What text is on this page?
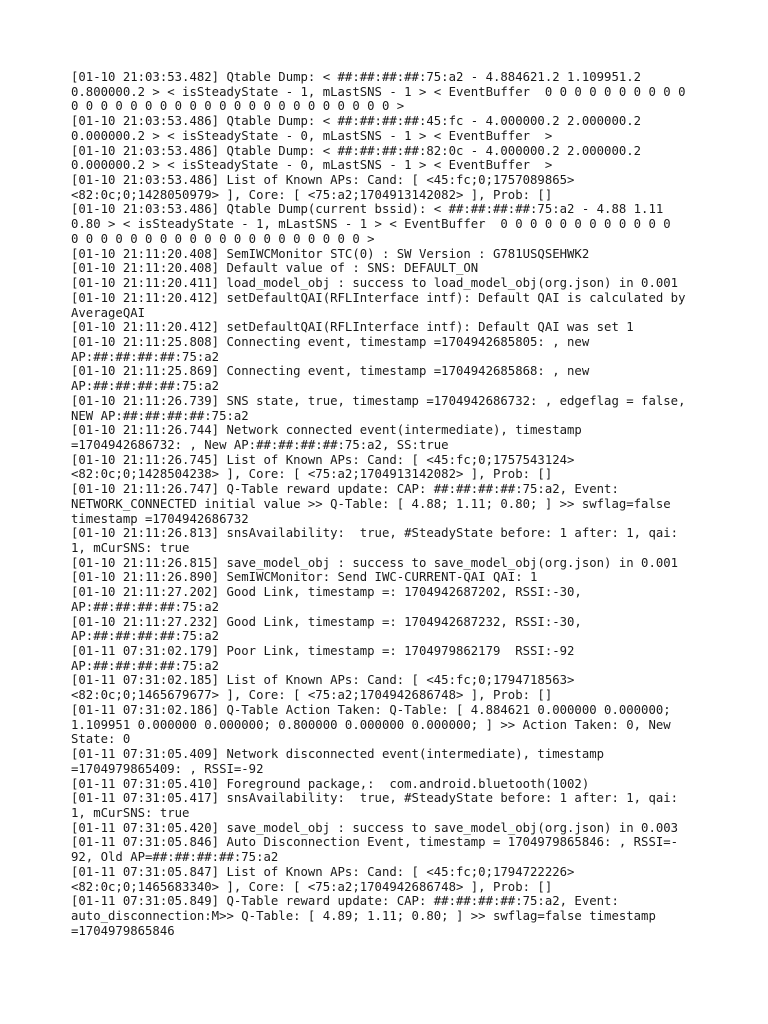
[01-10 21:03:53.482] Qtable Dump: < ##:##:##:##:75:a2 - 4.884621.2 1.109951.2
0.800000.2 > < isSteadyState - 1, mLastSNS - 1 > < EventBuffer  0 0 0 0 0 0 0 0 0 0
0 0 0 0 0 0 0 0 0 0 0 0 0 0 0 0 0 0 0 0 0 0 >
[01-10 21:03:53.486] Qtable Dump: < ##:##:##:##:45:fc - 4.000000.2 2.000000.2
0.000000.2 > < isSteadyState - 0, mLastSNS - 1 > < EventBuffer  >
[01-10 21:03:53.486] Qtable Dump: < ##:##:##:##:82:0c - 4.000000.2 2.000000.2
0.000000.2 > < isSteadyState - 0, mLastSNS - 1 > < EventBuffer  >
[01-10 21:03:53.486] List of Known APs: Cand: [ <45:fc;0;1757089865>
<82:0c;0;1428050979> ], Core: [ <75:a2;1704913142082> ], Prob: []
[01-10 21:03:53.486] Qtable Dump(current bssid): < ##:##:##:##:75:a2 - 4.88 1.11
0.80 > < isSteadyState - 1, mLastSNS - 1 > < EventBuffer  0 0 0 0 0 0 0 0 0 0 0 0
0 0 0 0 0 0 0 0 0 0 0 0 0 0 0 0 0 0 0 0 >
[01-10 21:11:20.408] SemIWCMonitor STC(0) : SW Version : G781USQSEHWK2
[01-10 21:11:20.408] Default value of : SNS: DEFAULT_ON
[01-10 21:11:20.411] load_model_obj : success to load_model_obj(org.json) in 0.001
[01-10 21:11:20.412] setDefaultQAI(RFLInterface intf): Default QAI is calculated by
AverageQAI
[01-10 21:11:20.412] setDefaultQAI(RFLInterface intf): Default QAI was set 1
[01-10 21:11:25.808] Connecting event, timestamp =1704942685805: , new
AP:##:##:##:##:75:a2
[01-10 21:11:25.869] Connecting event, timestamp =1704942685868: , new
AP:##:##:##:##:75:a2
[01-10 21:11:26.739] SNS state, true, timestamp =1704942686732: , edgeflag = false,
NEW AP:##:##:##:##:75:a2
[01-10 21:11:26.744] Network connected event(intermediate), timestamp
=1704942686732: , New AP:##:##:##:##:75:a2, SS:true
[01-10 21:11:26.745] List of Known APs: Cand: [ <45:fc;0;1757543124>
<82:0c;0;1428504238> ], Core: [ <75:a2;1704913142082> ], Prob: []
[01-10 21:11:26.747] Q-Table reward update: CAP: ##:##:##:##:75:a2, Event:
NETWORK_CONNECTED initial value >> Q-Table: [ 4.88; 1.11; 0.80; ] >> swflag=false
timestamp =1704942686732
[01-10 21:11:26.813] snsAvailability:  true, #SteadyState before: 1 after: 1, qai:
1, mCurSNS: true
[01-10 21:11:26.815] save_model_obj : success to save_model_obj(org.json) in 0.001
[01-10 21:11:26.890] SemIWCMonitor: Send IWC-CURRENT-QAI QAI: 1
[01-10 21:11:27.202] Good Link, timestamp =: 1704942687202, RSSI:-30,
AP:##:##:##:##:75:a2
[01-10 21:11:27.232] Good Link, timestamp =: 1704942687232, RSSI:-30,
AP:##:##:##:##:75:a2
[01-11 07:31:02.179] Poor Link, timestamp =: 1704979862179  RSSI:-92
AP:##:##:##:##:75:a2
[01-11 07:31:02.185] List of Known APs: Cand: [ <45:fc;0;1794718563>
<82:0c;0;1465679677> ], Core: [ <75:a2;1704942686748> ], Prob: []
[01-11 07:31:02.186] Q-Table Action Taken: Q-Table: [ 4.884621 0.000000 0.000000;
1.109951 0.000000 0.000000; 0.800000 0.000000 0.000000; ] >> Action Taken: 0, New
State: 0
[01-11 07:31:05.409] Network disconnected event(intermediate), timestamp
=1704979865409: , RSSI=-92
[01-11 07:31:05.410] Foreground package,:  com.android.bluetooth(1002)
[01-11 07:31:05.417] snsAvailability:  true, #SteadyState before: 1 after: 1, qai:
1, mCurSNS: true
[01-11 07:31:05.420] save_model_obj : success to save_model_obj(org.json) in 0.003
[01-11 07:31:05.846] Auto Disconnection Event, timestamp = 1704979865846: , RSSI=-
92, Old AP=##:##:##:##:75:a2
[01-11 07:31:05.847] List of Known APs: Cand: [ <45:fc;0;1794722226>
<82:0c;0;1465683340> ], Core: [ <75:a2;1704942686748> ], Prob: []
[01-11 07:31:05.849] Q-Table reward update: CAP: ##:##:##:##:75:a2, Event:
auto_disconnection:M>> Q-Table: [ 4.89; 1.11; 0.80; ] >> swflag=false timestamp
=1704979865846
